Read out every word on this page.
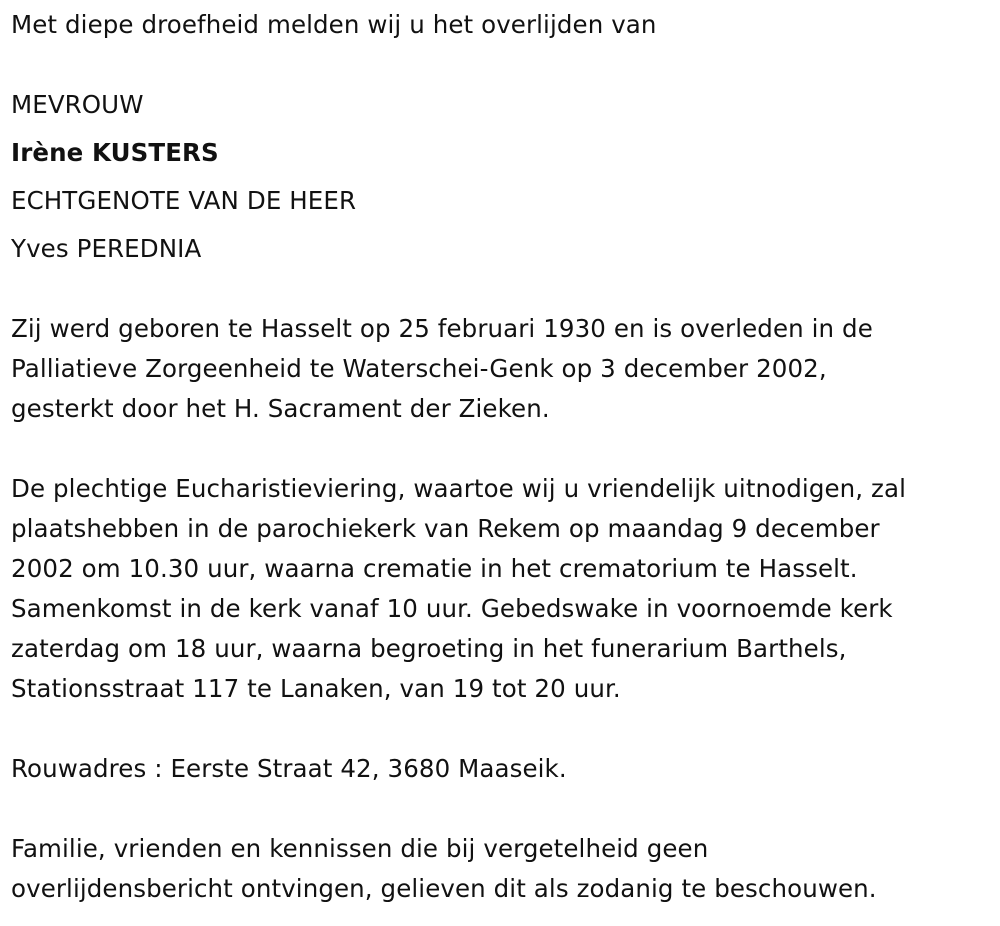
Met diepe droefheid melden wij u het overlijden van

MEVROUW

Irène KUSTERS

ECHTGENOTE VAN DE HEER

Yves PEREDNIA

Zij werd geboren te Hasselt op 25 februari 1930 en is overleden in de

Palliatieve Zorgeenheid te Waterschei-Genk op 3 december 2002,

gesterkt door het H. Sacrament der Zieken.

De plechtige Eucharistieviering, waartoe wij u vriendelijk uitnodigen, zal

plaatshebben in de parochiekerk van Rekem op maandag 9 december

2002 om 10.30 uur, waarna crematie in het crematorium te Hasselt.

Samenkomst in de kerk vanaf 10 uur. Gebedswake in voornoemde kerk

zaterdag om 18 uur, waarna begroeting in het funerarium Barthels,

Stationsstraat 117 te Lanaken, van 19 tot 20 uur.

Rouwadres : Eerste Straat 42, 3680 Maaseik.

Familie, vrienden en kennissen die bij vergetelheid geen

overlijdensbericht ontvingen, gelieven dit als zodanig te beschouwen.
